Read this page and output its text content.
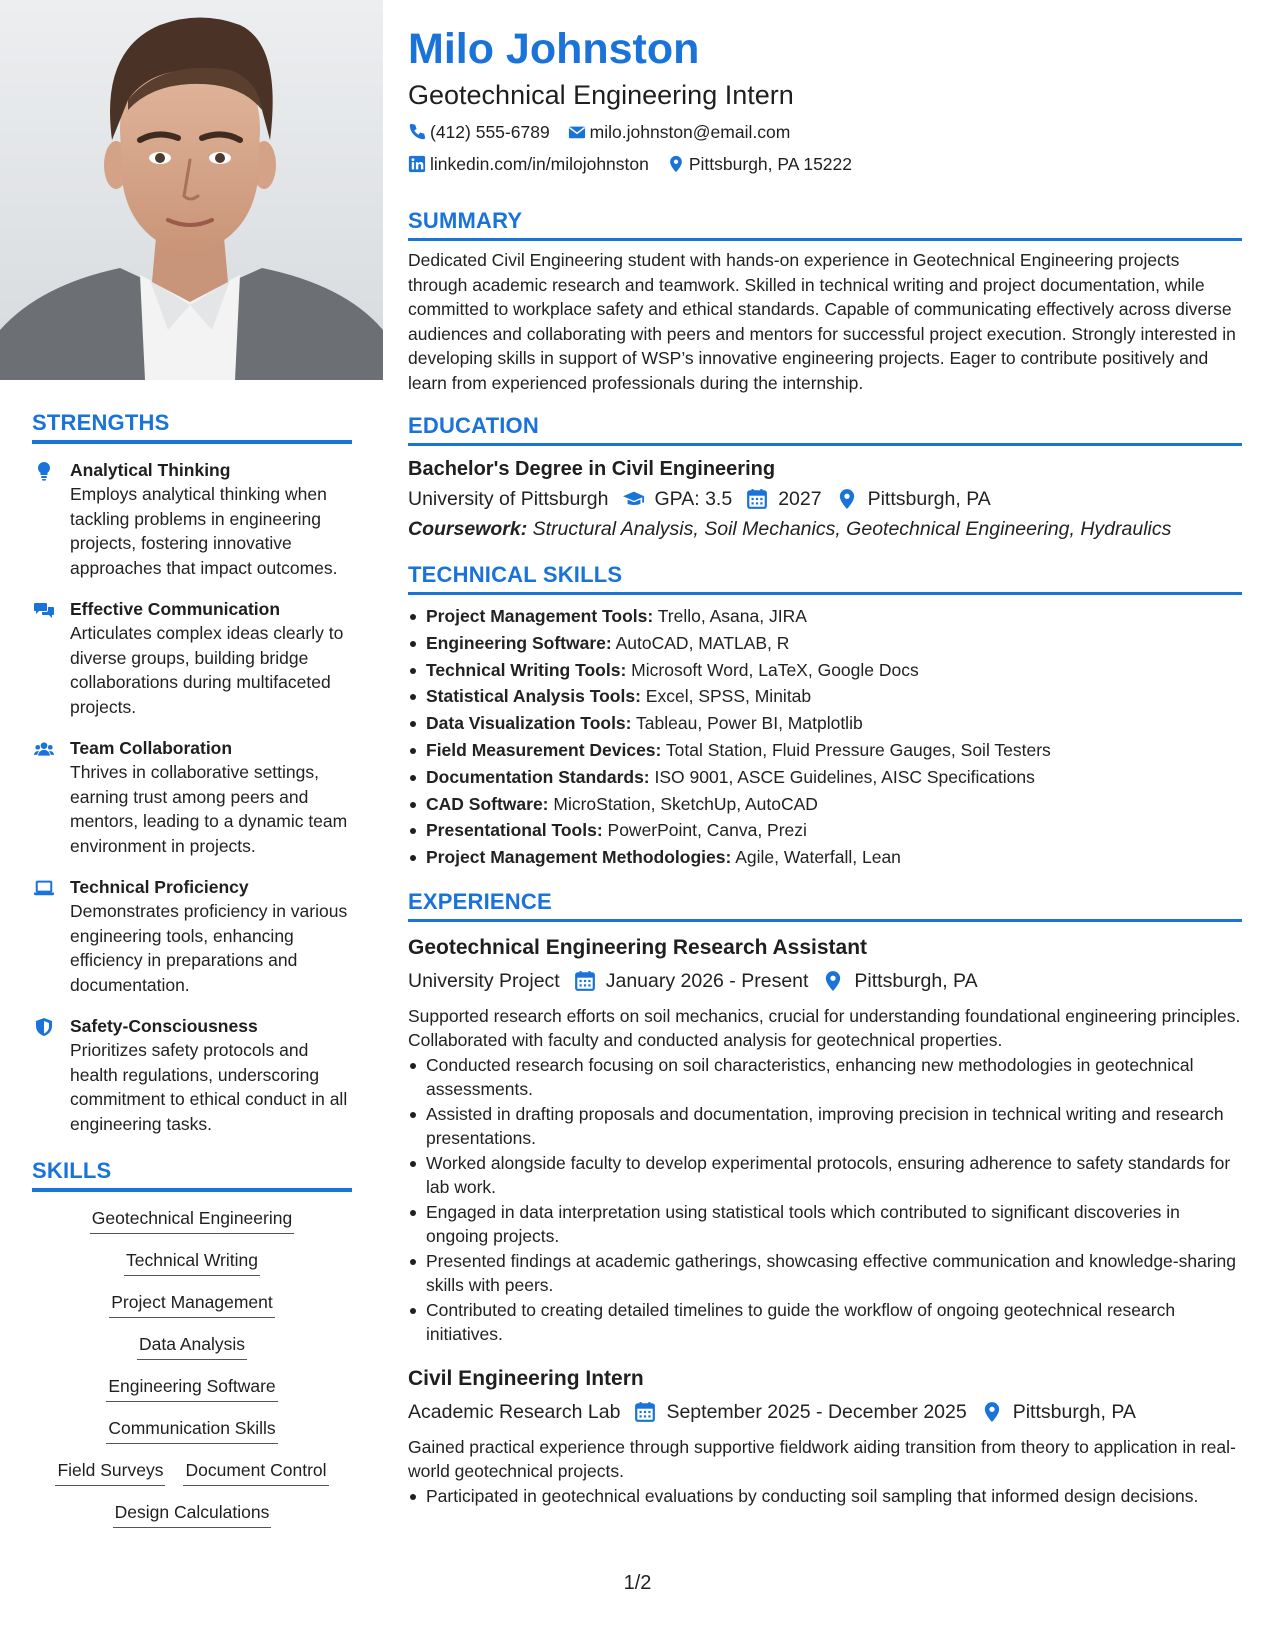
STRENGTHS
Analytical Thinking
Employs analytical thinking when tackling problems in engineering projects, fostering innovative approaches that impact outcomes.
Effective Communication
Articulates complex ideas clearly to diverse groups, building bridge collaborations during multifaceted projects.
Team Collaboration
Thrives in collaborative settings, earning trust among peers and mentors, leading to a dynamic team environment in projects.
Technical Proficiency
Demonstrates proficiency in various engineering tools, enhancing efficiency in preparations and documentation.
Safety-Consciousness
Prioritizes safety protocols and health regulations, underscoring commitment to ethical conduct in all engineering tasks.
SKILLS
Geotechnical Engineering
Technical Writing
Project Management
Data Analysis
Engineering Software
Communication Skills
Field Surveys Document Control
Design Calculations
Milo Johnston
Geotechnical Engineering Intern
(412) 555-6789 milo.johnston@email.com
linkedin.com/in/milojohnston Pittsburgh, PA 15222
SUMMARY
Dedicated Civil Engineering student with hands-on experience in Geotechnical Engineering projects through academic research and teamwork. Skilled in technical writing and project documentation, while committed to workplace safety and ethical standards. Capable of communicating effectively across diverse audiences and collaborating with peers and mentors for successful project execution. Strongly interested in developing skills in support of WSP’s innovative engineering projects. Eager to contribute positively and learn from experienced professionals during the internship.
EDUCATION
Bachelor's Degree in Civil Engineering
University of Pittsburgh GPA: 3.5 2027 Pittsburgh, PA
Coursework: Structural Analysis, Soil Mechanics, Geotechnical Engineering, Hydraulics
TECHNICAL SKILLS
Project Management Tools: Trello, Asana, JIRA
Engineering Software: AutoCAD, MATLAB, R
Technical Writing Tools: Microsoft Word, LaTeX, Google Docs
Statistical Analysis Tools: Excel, SPSS, Minitab
Data Visualization Tools: Tableau, Power BI, Matplotlib
Field Measurement Devices: Total Station, Fluid Pressure Gauges, Soil Testers
Documentation Standards: ISO 9001, ASCE Guidelines, AISC Specifications
CAD Software: MicroStation, SketchUp, AutoCAD
Presentational Tools: PowerPoint, Canva, Prezi
Project Management Methodologies: Agile, Waterfall, Lean
EXPERIENCE
Geotechnical Engineering Research Assistant
University Project January 2026 - Present Pittsburgh, PA
Supported research efforts on soil mechanics, crucial for understanding foundational engineering principles. Collaborated with faculty and conducted analysis for geotechnical properties.
Conducted research focusing on soil characteristics, enhancing new methodologies in geotechnical assessments.
Assisted in drafting proposals and documentation, improving precision in technical writing and research presentations.
Worked alongside faculty to develop experimental protocols, ensuring adherence to safety standards for lab work.
Engaged in data interpretation using statistical tools which contributed to significant discoveries in ongoing projects.
Presented findings at academic gatherings, showcasing effective communication and knowledge-sharing skills with peers.
Contributed to creating detailed timelines to guide the workflow of ongoing geotechnical research initiatives.
Civil Engineering Intern
Academic Research Lab September 2025 - December 2025 Pittsburgh, PA
Gained practical experience through supportive fieldwork aiding transition from theory to application in real-world geotechnical projects.
Participated in geotechnical evaluations by conducting soil sampling that informed design decisions.
1/2
